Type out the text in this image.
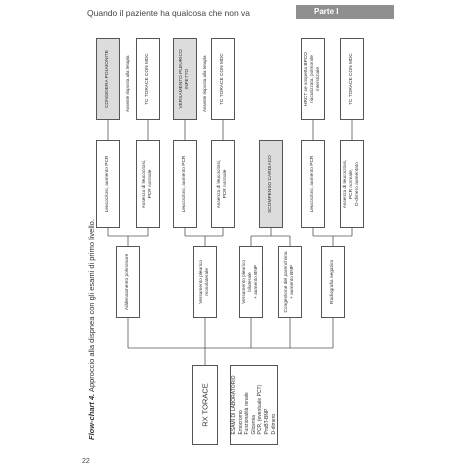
Quando il paziente ha qualcosa che non va	Parte I
Flow-chart 4. Approccio alla dispnea con gli esami di primo livello.
RX TORACE	ESAMI DI LABORATORIO
Emocromo
Funzionalità renale
Glicemia
PCR, (eventuale PCT)
ProBT-BNP
D-dimero
Addensamento polmonare	Versamento pleurico
monolaterale	Versamento pleurico
bilaterale
+ aumento BNP
Congestione del parenchima
+ aumento BNP	Radiografia negativa
Leucocitosi, aumento PCR	Assenza di leucocitosi,
PCR normale	Leucocitosi, aumento PCR	Assenza di leucocitosi,
PCR normale	SCOMPENSO CARDIACO	Leucocitosi, aumento PCR	Assenza di leucocitosi,
PCR normale,
D-dimero aumentato
CONSIDERA POLMONITE	TC TORACE CON MDC	VERSAMENTO PLEURICO
INFETTO	TC TORACE CON MDC	HRCT se sospetta BPCO
riacutizzata, polmonite
interstiziale	TC TORACE CON MDC
Assente risposta alla terapia	Assente risposta alla terapia
22
